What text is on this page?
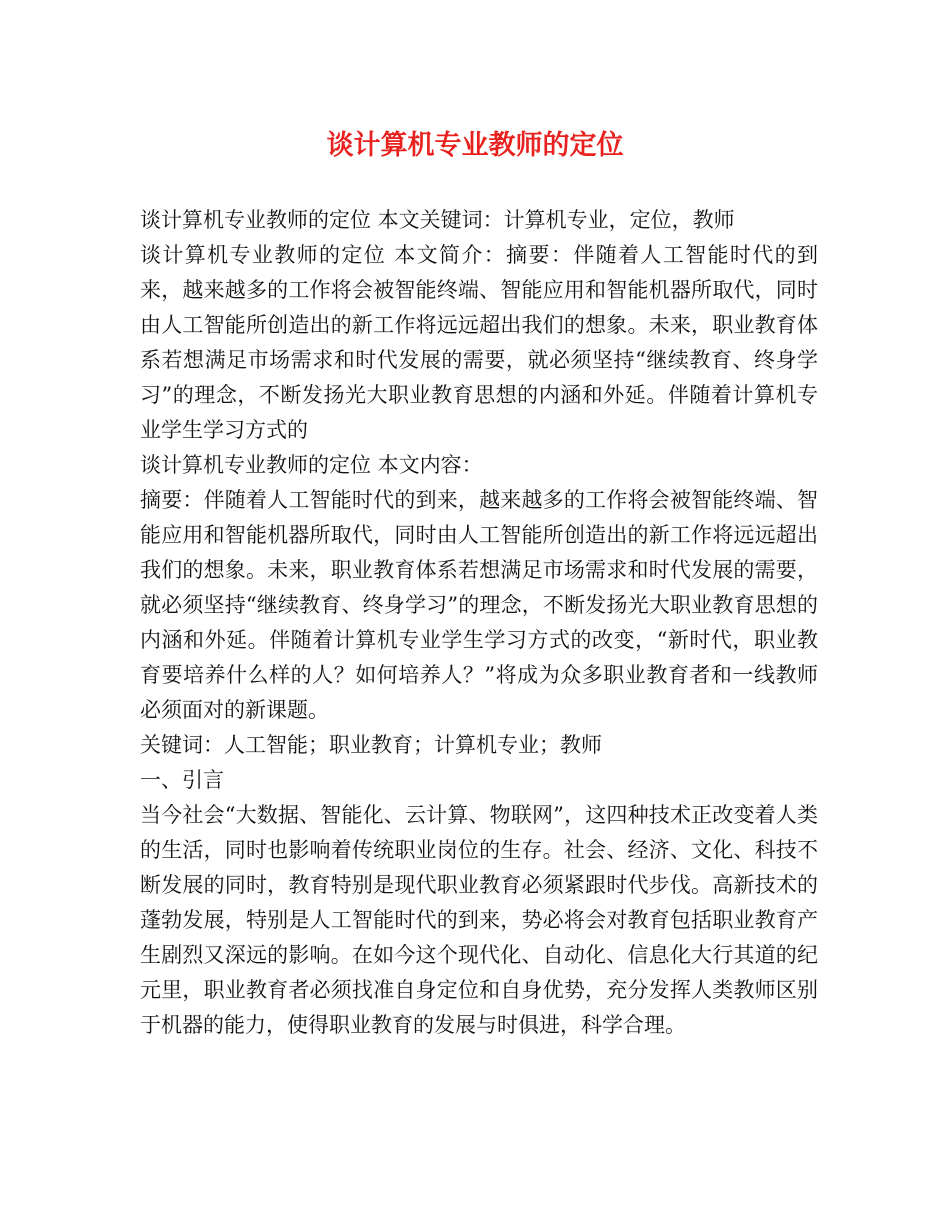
谈计算机专业教师的定位

谈计算机专业教师的定位 本文关键词：计算机专业，定位，教师

谈计算机专业教师的定位 本文简介：摘要：伴随着人工智能时代的到来，越来越多的工作将会被智能终端、智能应用和智能机器所取代，同时由人工智能所创造出的新工作将远远超出我们的想象。未来，职业教育体系若想满足市场需求和时代发展的需要，就必须坚持“继续教育、终身学习”的理念，不断发扬光大职业教育思想的内涵和外延。伴随着计算机专业学生学习方式的

谈计算机专业教师的定位 本文内容：

摘要：伴随着人工智能时代的到来，越来越多的工作将会被智能终端、智能应用和智能机器所取代，同时由人工智能所创造出的新工作将远远超出我们的想象。未来，职业教育体系若想满足市场需求和时代发展的需要，就必须坚持“继续教育、终身学习”的理念，不断发扬光大职业教育思想的内涵和外延。伴随着计算机专业学生学习方式的改变，“新时代，职业教育要培养什么样的人？如何培养人？”将成为众多职业教育者和一线教师必须面对的新课题。

关键词：人工智能；职业教育；计算机专业；教师

一、引言

当今社会“大数据、智能化、云计算、物联网”，这四种技术正改变着人类的生活，同时也影响着传统职业岗位的生存。社会、经济、文化、科技不断发展的同时，教育特别是现代职业教育必须紧跟时代步伐。高新技术的蓬勃发展，特别是人工智能时代的到来，势必将会对教育包括职业教育产生剧烈又深远的影响。在如今这个现代化、自动化、信息化大行其道的纪元里，职业教育者必须找准自身定位和自身优势，充分发挥人类教师区别于机器的能力，使得职业教育的发展与时俱进，科学合理。
